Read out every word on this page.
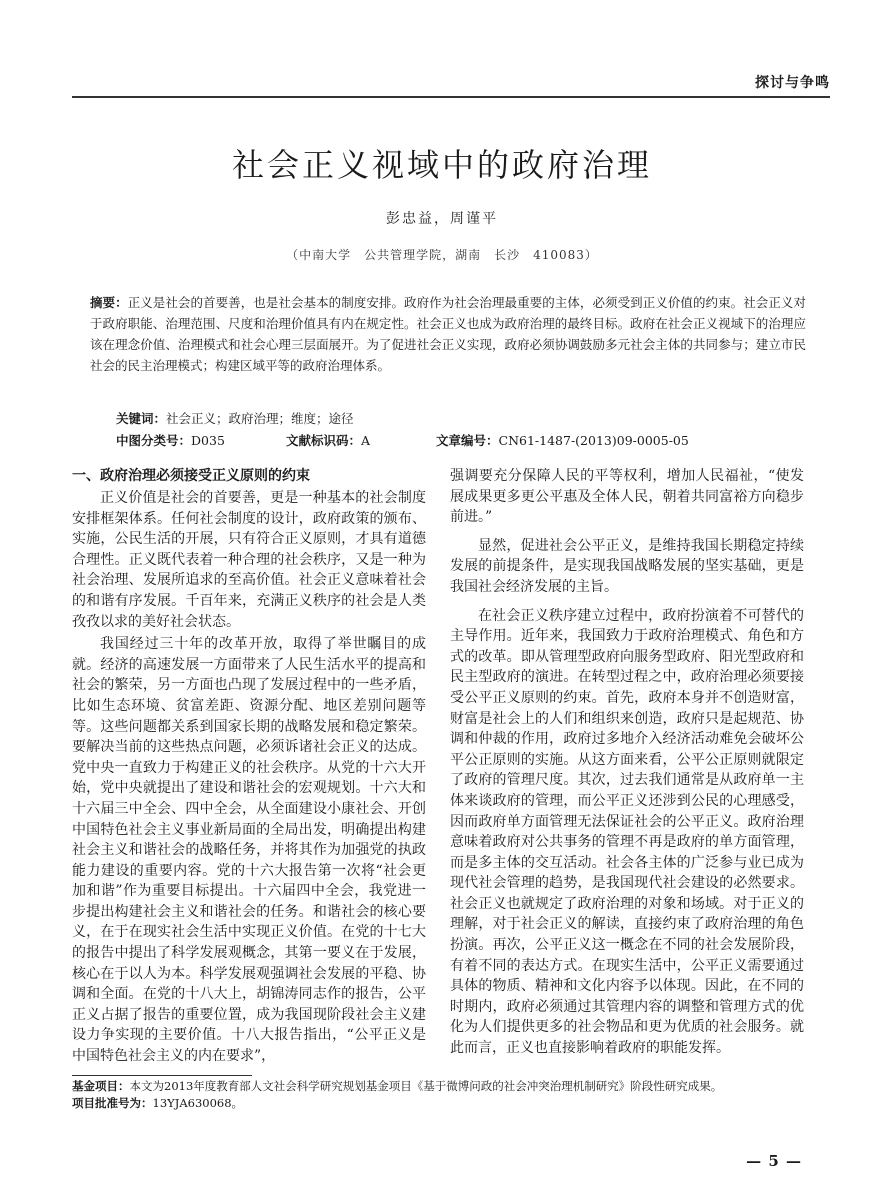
探讨与争鸣
社会正义视域中的政府治理
彭忠益，周谨平
（中南大学　公共管理学院，湖南　长沙　410083）
摘要：正义是社会的首要善，也是社会基本的制度安排。政府作为社会治理最重要的主体，必须受到正义价值的约束。社会正义对于政府职能、治理范围、尺度和治理价值具有内在规定性。社会正义也成为政府治理的最终目标。政府在社会正义视域下的治理应该在理念价值、治理模式和社会心理三层面展开。为了促进社会正义实现，政府必须协调鼓励多元社会主体的共同参与；建立市民社会的民主治理模式；构建区域平等的政府治理体系。
关键词：社会正义；政府治理；维度；途径
中图分类号：D035	文献标识码：A	文章编号：CN61-1487-(2013)09-0005-05
一、政府治理必须接受正义原则的约束

正义价值是社会的首要善，更是一种基本的社会制度安排框架体系。任何社会制度的设计，政府政策的颁布、实施，公民生活的开展，只有符合正义原则，才具有道德合理性。正义既代表着一种合理的社会秩序，又是一种为社会治理、发展所追求的至高价值。社会正义意味着社会的和谐有序发展。千百年来，充满正义秩序的社会是人类孜孜以求的美好社会状态。

我国经过三十年的改革开放，取得了举世瞩目的成就。经济的高速发展一方面带来了人民生活水平的提高和社会的繁荣，另一方面也凸现了发展过程中的一些矛盾，比如生态环境、贫富差距、资源分配、地区差别问题等等。这些问题都关系到国家长期的战略发展和稳定繁荣。要解决当前的这些热点问题，必须诉诸社会正义的达成。党中央一直致力于构建正义的社会秩序。从党的十六大开始，党中央就提出了建设和谐社会的宏观规划。十六大和十六届三中全会、四中全会，从全面建设小康社会、开创中国特色社会主义事业新局面的全局出发，明确提出构建社会主义和谐社会的战略任务，并将其作为加强党的执政能力建设的重要内容。党的十六大报告第一次将“社会更加和谐”作为重要目标提出。十六届四中全会，我党进一步提出构建社会主义和谐社会的任务。和谐社会的核心要义，在于在现实社会生活中实现正义价值。在党的十七大的报告中提出了科学发展观概念，其第一要义在于发展，核心在于以人为本。科学发展观强调社会发展的平稳、协调和全面。在党的十八大上，胡锦涛同志作的报告，公平正义占据了报告的重要位置，成为我国现阶段社会主义建设力争实现的主要价值。十八大报告指出，“公平正义是中国特色社会主义的内在要求”，

强调要充分保障人民的平等权利，增加人民福祉，“使发展成果更多更公平惠及全体人民，朝着共同富裕方向稳步前进。”

显然，促进社会公平正义，是维持我国长期稳定持续发展的前提条件，是实现我国战略发展的坚实基础，更是我国社会经济发展的主旨。

在社会正义秩序建立过程中，政府扮演着不可替代的主导作用。近年来，我国致力于政府治理模式、角色和方式的改革。即从管理型政府向服务型政府、阳光型政府和民主型政府的演进。在转型过程之中，政府治理必须要接受公平正义原则的约束。首先，政府本身并不创造财富，财富是社会上的人们和组织来创造，政府只是起规范、协调和仲裁的作用，政府过多地介入经济活动难免会破坏公平公正原则的实施。从这方面来看，公平公正原则就限定了政府的管理尺度。其次，过去我们通常是从政府单一主体来谈政府的管理，而公平正义还涉到公民的心理感受，因而政府单方面管理无法保证社会的公平正义。政府治理意味着政府对公共事务的管理不再是政府的单方面管理，而是多主体的交互活动。社会各主体的广泛参与业已成为现代社会管理的趋势，是我国现代社会建设的必然要求。社会正义也就规定了政府治理的对象和场域。对于正义的理解，对于社会正义的解读，直接约束了政府治理的角色扮演。再次，公平正义这一概念在不同的社会发展阶段，有着不同的表达方式。在现实生活中，公平正义需要通过具体的物质、精神和文化内容予以体现。因此，在不同的时期内，政府必须通过其管理内容的调整和管理方式的优化为人们提供更多的社会物品和更为优质的社会服务。就此而言，正义也直接影响着政府的职能发挥。

基金项目：本文为2013年度教育部人文社会科学研究规划基金项目《基于微博问政的社会冲突治理机制研究》阶段性研究成果。
项目批准号为：13YJA630068。
— 5 —
